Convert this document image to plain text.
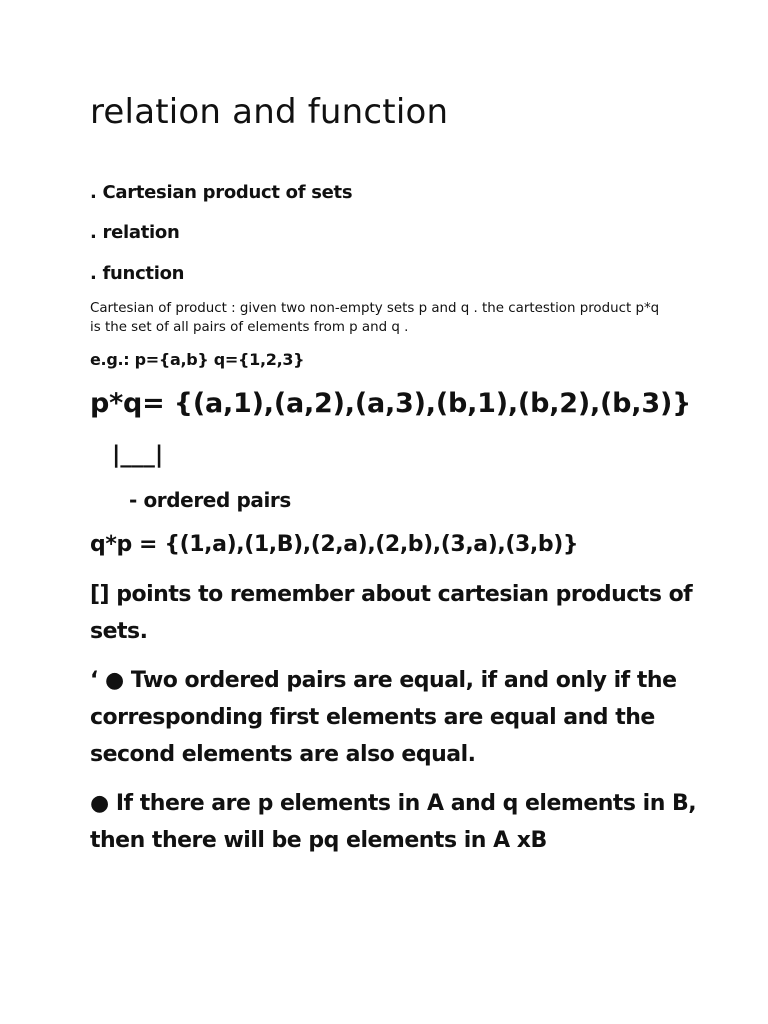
relation and function

. Cartesian product of sets

. relation

. function

Cartesian of product : given two non-empty sets p and q . the cartestion product p*q
is the set of all pairs of elements from p and q .

e.g.: p={a,b} q={1,2,3}

p*q= {(a,1),(a,2),(a,3),(b,1),(b,2),(b,3)}

|___|

- ordered pairs

q*p = {(1,a),(1,B),(2,a),(2,b),(3,a),(3,b)}

[] points to remember about cartesian products of
sets.
‘ ● Two ordered pairs are equal, if and only if the
corresponding first elements are equal and the
second elements are also equal.
● If there are p elements in A and q elements in B,
then there will be pq elements in A xB
